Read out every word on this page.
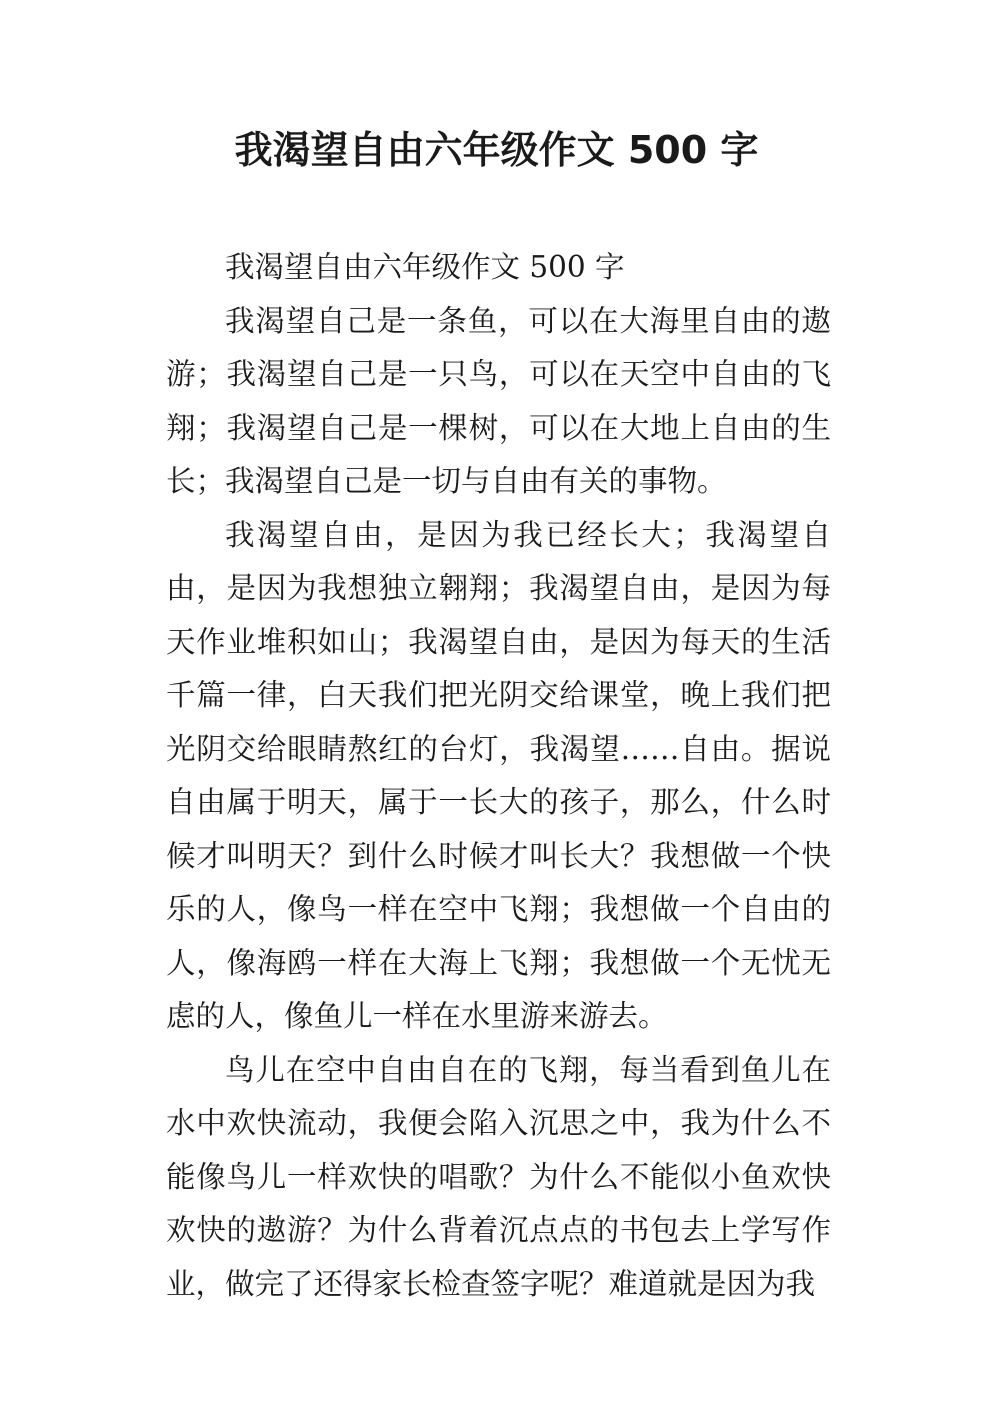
我渴望自由六年级作文 500 字

我渴望自由六年级作文 500 字

我渴望自己是一条鱼，可以在大海里自由的遨游；我渴望自己是一只鸟，可以在天空中自由的飞翔；我渴望自己是一棵树，可以在大地上自由的生长；我渴望自己是一切与自由有关的事物。

我渴望自由，是因为我已经长大；我渴望自由，是因为我想独立翱翔；我渴望自由，是因为每天作业堆积如山；我渴望自由，是因为每天的生活千篇一律，白天我们把光阴交给课堂，晚上我们把光阴交给眼睛熬红的台灯，我渴望……自由。据说自由属于明天，属于一长大的孩子，那么，什么时候才叫明天？到什么时候才叫长大？我想做一个快乐的人，像鸟一样在空中飞翔；我想做一个自由的人，像海鸥一样在大海上飞翔；我想做一个无忧无虑的人，像鱼儿一样在水里游来游去。

鸟儿在空中自由自在的飞翔，每当看到鱼儿在水中欢快流动，我便会陷入沉思之中，我为什么不能像鸟儿一样欢快的唱歌？为什么不能似小鱼欢快欢快的遨游？为什么背着沉点点的书包去上学写作业，做完了还得家长检查签字呢？难道就是因为我
